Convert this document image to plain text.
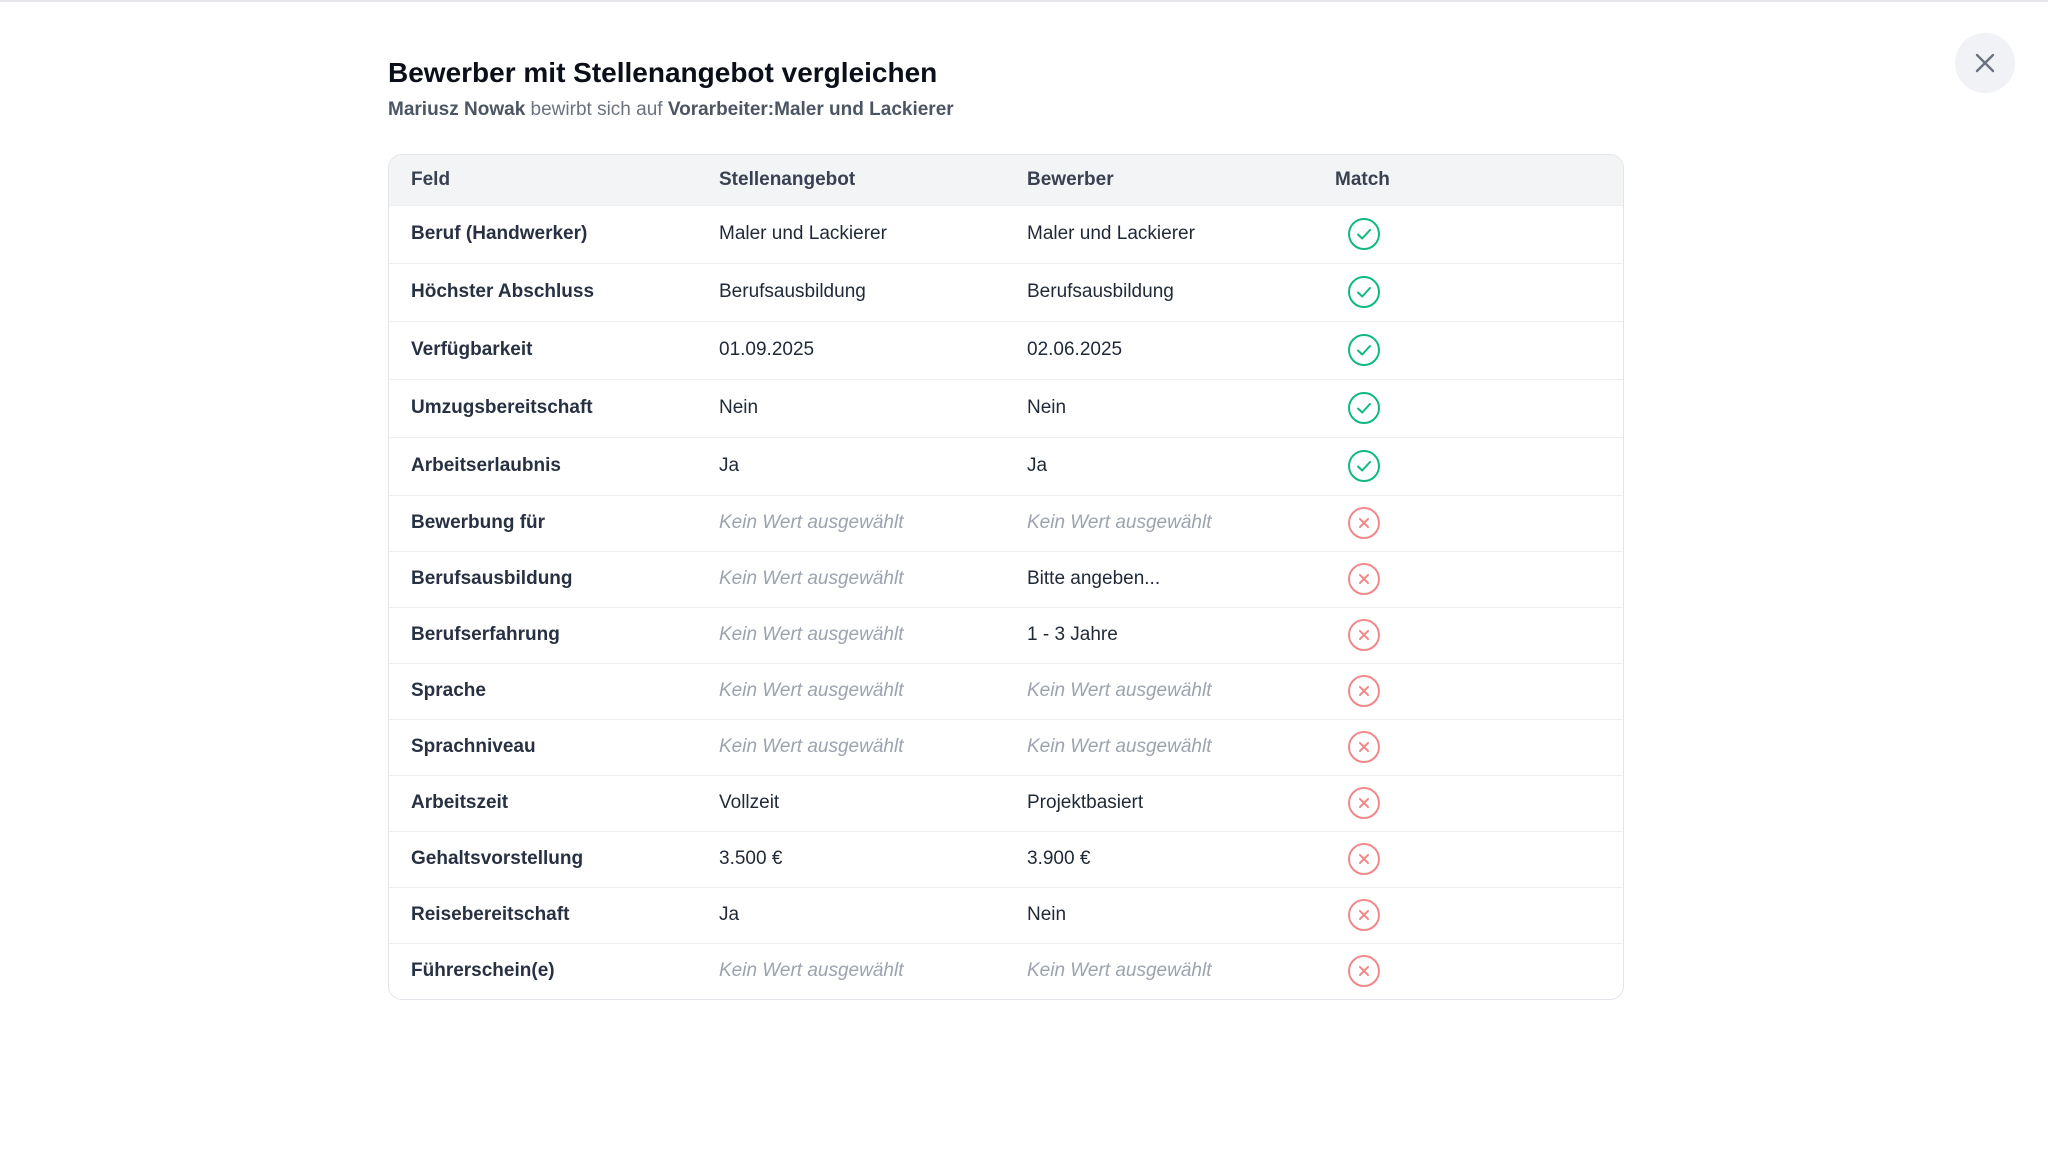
Bewerber mit Stellenangebot vergleichen
Mariusz Nowak bewirbt sich auf Vorarbeiter:Maler und Lackierer
Feld	Stellenangebot	Bewerber	Match
Beruf (Handwerker)	Maler und Lackierer	Maler und Lackierer	
Höchster Abschluss	Berufsausbildung	Berufsausbildung	
Verfügbarkeit	01.09.2025	02.06.2025	
Umzugsbereitschaft	Nein	Nein	
Arbeitserlaubnis	Ja	Ja	
Bewerbung für	Kein Wert ausgewählt	Kein Wert ausgewählt	
Berufsausbildung	Kein Wert ausgewählt	Bitte angeben...	
Berufserfahrung	Kein Wert ausgewählt	1 - 3 Jahre	
Sprache	Kein Wert ausgewählt	Kein Wert ausgewählt	
Sprachniveau	Kein Wert ausgewählt	Kein Wert ausgewählt	
Arbeitszeit	Vollzeit	Projektbasiert	
Gehaltsvorstellung	3.500 €	3.900 €	
Reisebereitschaft	Ja	Nein	
Führerschein(e)	Kein Wert ausgewählt	Kein Wert ausgewählt	
